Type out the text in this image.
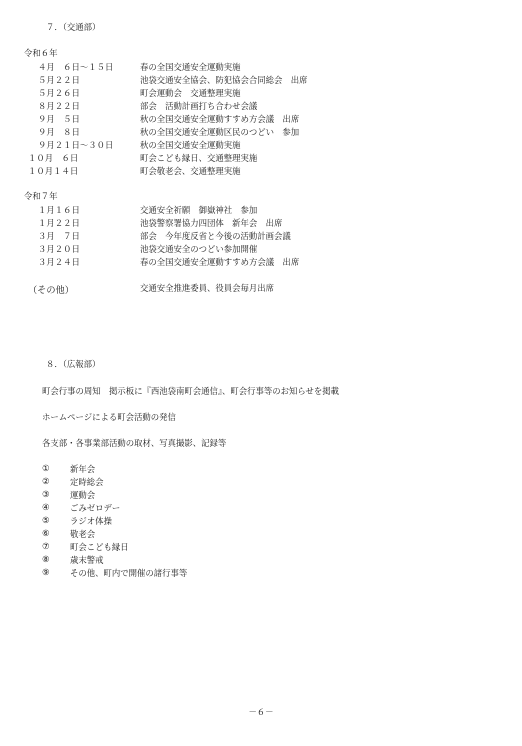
７．（交通部）
令和６年
４月　６日～１５日	春の全国交通安全運動実施
５月２２日	池袋交通安全協会、防犯協会合同総会　出席
５月２６日	町会運動会　交通整理実施
８月２２日	部会　活動計画打ち合わせ会議
９月　５日	秋の全国交通安全運動すすめ方会議　出席
９月　８日	秋の全国交通安全運動区民のつどい　参加
９月２１日～３０日	秋の全国交通安全運動実施
１０月　６日	町会こども縁日、交通整理実施
１０月１４日	町会敬老会、交通整理実施
令和７年
１月１６日	交通安全祈願　御嶽神社　参加
１月２２日	池袋警察署協力四団体　新年会　出席
３月　７日	部会　今年度反省と今後の活動計画会議
３月２０日	池袋交通安全のつどい参加開催
３月２４日	春の全国交通安全運動すすめ方会議　出席
（その他）	交通安全推進委員、役員会毎月出席
８．（広報部）
町会行事の周知　掲示板に『西池袋南町会通信』、町会行事等のお知らせを掲載
ホームページによる町会活動の発信
各支部・各事業部活動の取材、写真撮影、記録等
① 新年会
② 定時総会
③ 運動会
④ ごみゼロデー
⑤ ラジオ体操
⑥ 敬老会
⑦ 町会こども縁日
⑧ 歳末警戒
⑨ その他、町内で開催の諸行事等
－６－
